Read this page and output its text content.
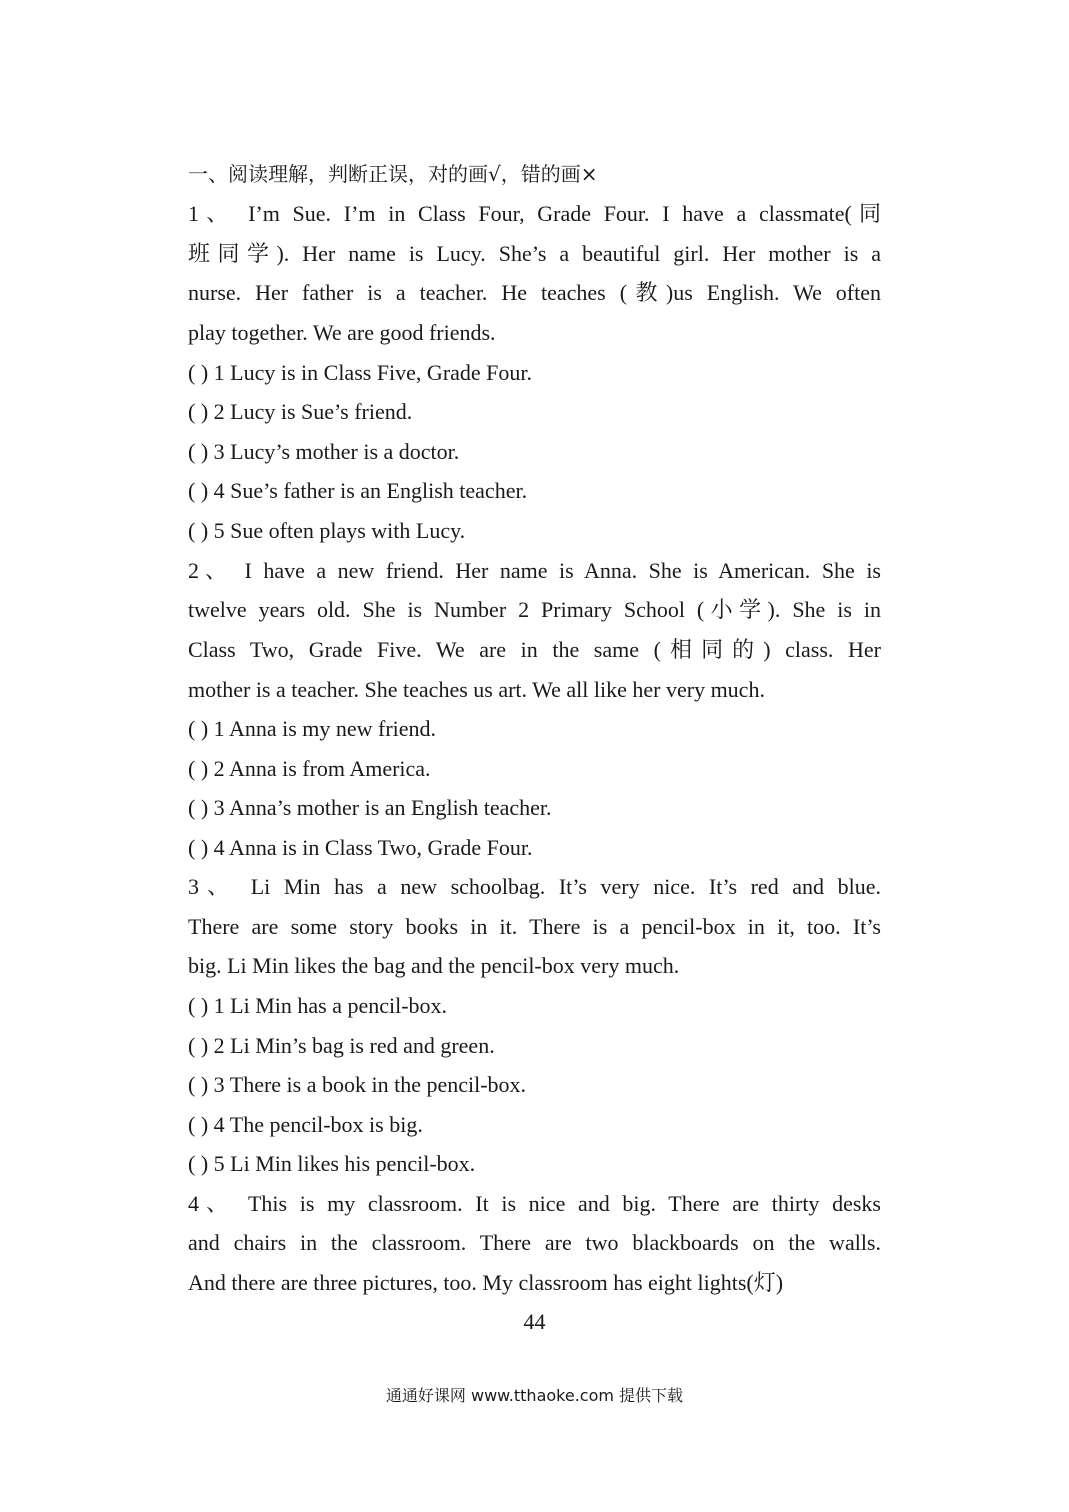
一、阅读理解，判断正误，对的画√，错的画×
1、 I’m Sue. I’m in Class Four, Grade Four. I have a classmate(同
班同学). Her name is Lucy. She’s a beautiful girl. Her mother is a
nurse. Her father is a teacher. He teaches (教)us English. We often
play together. We are good friends.
( ) 1 Lucy is in Class Five, Grade Four.
( ) 2 Lucy is Sue’s friend.
( ) 3 Lucy’s mother is a doctor.
( ) 4 Sue’s father is an English teacher.
( ) 5 Sue often plays with Lucy.
2、 I have a new friend. Her name is Anna. She is American. She is
twelve years old. She is Number 2 Primary School (小学). She is in
Class Two, Grade Five. We are in the same (相同的) class. Her
mother is a teacher. She teaches us art. We all like her very much.
( ) 1 Anna is my new friend.
( ) 2 Anna is from America.
( ) 3 Anna’s mother is an English teacher.
( ) 4 Anna is in Class Two, Grade Four.
3、 Li Min has a new schoolbag. It’s very nice. It’s red and blue.
There are some story books in it. There is a pencil-box in it, too. It’s
big. Li Min likes the bag and the pencil-box very much.
( ) 1 Li Min has a pencil-box.
( ) 2 Li Min’s bag is red and green.
( ) 3 There is a book in the pencil-box.
( ) 4 The pencil-box is big.
( ) 5 Li Min likes his pencil-box.
4、 This is my classroom. It is nice and big. There are thirty desks
and chairs in the classroom. There are two blackboards on the walls.
And there are three pictures, too. My classroom has eight lights(灯)
44
通通好课网 www.tthaoke.com 提供下载
